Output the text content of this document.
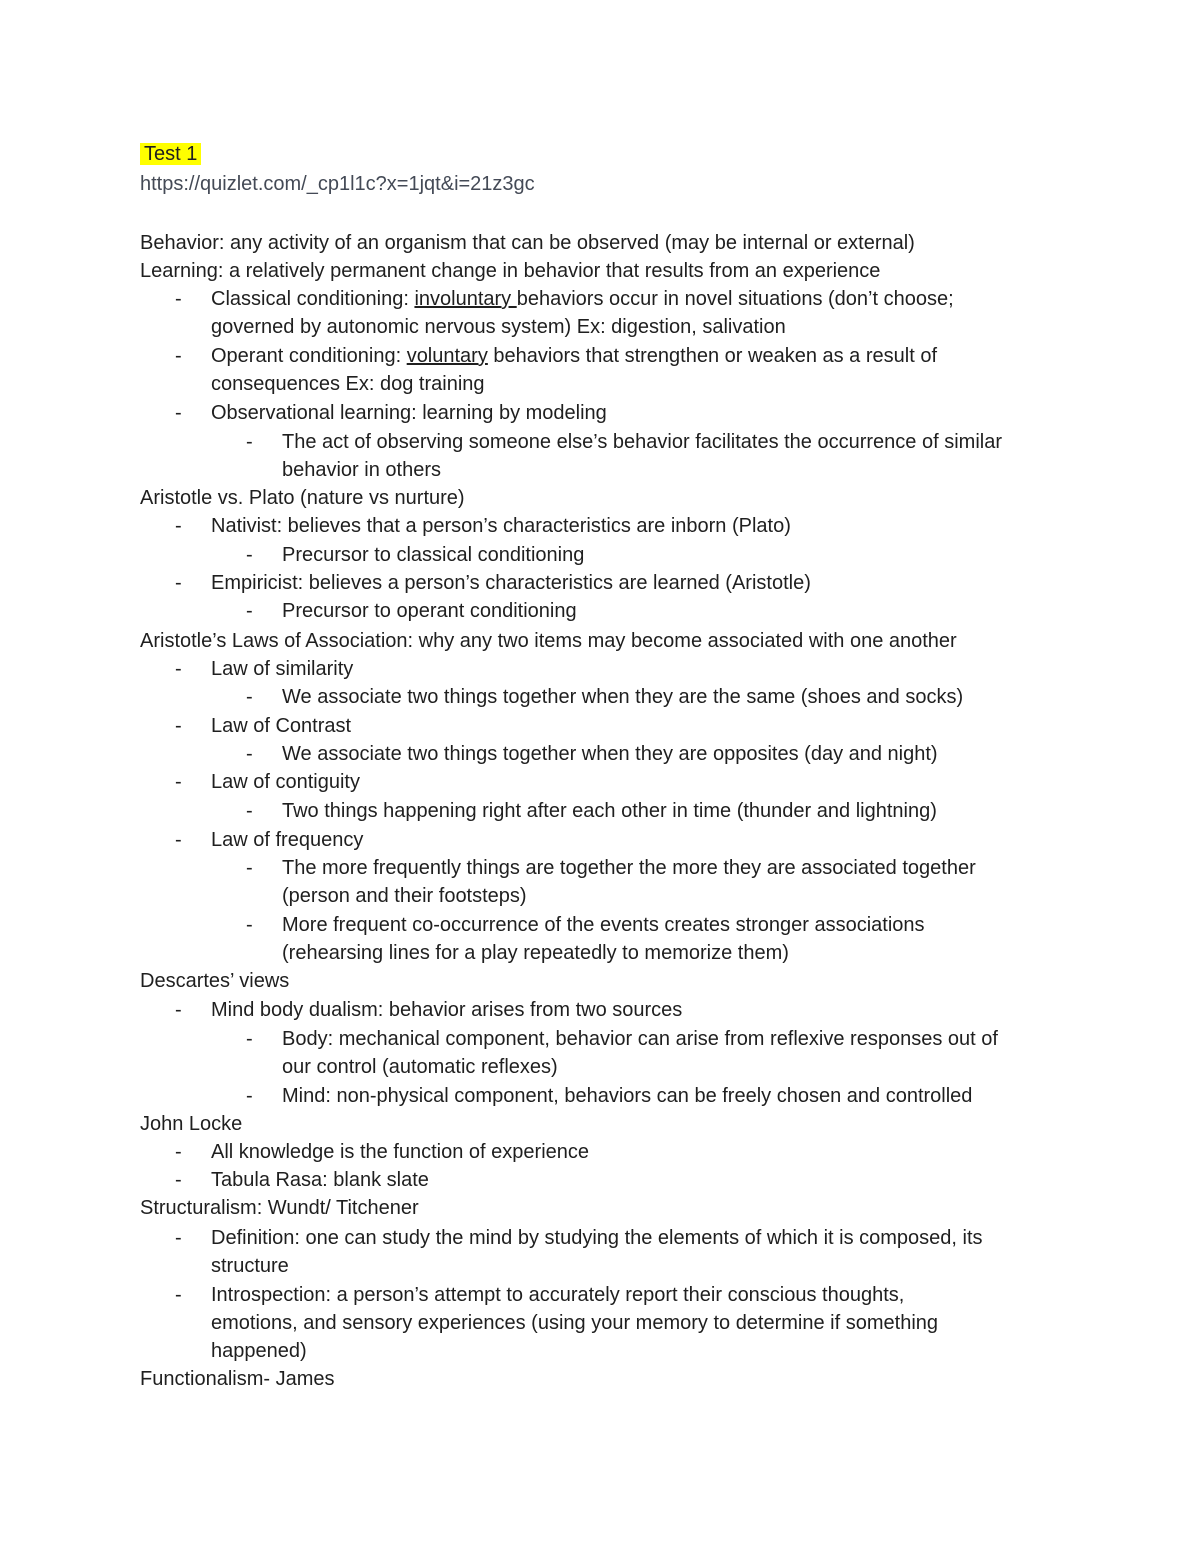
Test 1
https://quizlet.com/_cp1l1c?x=1jqt&i=21z3gc
Behavior: any activity of an organism that can be observed (may be internal or external)
Learning: a relatively permanent change in behavior that results from an experience
- Classical conditioning: involuntary behaviors occur in novel situations (don’t choose;
governed by autonomic nervous system) Ex: digestion, salivation
- Operant conditioning: voluntary behaviors that strengthen or weaken as a result of
consequences Ex: dog training
- Observational learning: learning by modeling
- The act of observing someone else’s behavior facilitates the occurrence of similar
behavior in others
Aristotle vs. Plato (nature vs nurture)
- Nativist: believes that a person’s characteristics are inborn (Plato)
- Precursor to classical conditioning
- Empiricist: believes a person’s characteristics are learned (Aristotle)
- Precursor to operant conditioning
Aristotle’s Laws of Association: why any two items may become associated with one another
- Law of similarity
- We associate two things together when they are the same (shoes and socks)
- Law of Contrast
- We associate two things together when they are opposites (day and night)
- Law of contiguity
- Two things happening right after each other in time (thunder and lightning)
- Law of frequency
- The more frequently things are together the more they are associated together
(person and their footsteps)
- More frequent co-occurrence of the events creates stronger associations
(rehearsing lines for a play repeatedly to memorize them)
Descartes’ views
- Mind body dualism: behavior arises from two sources
- Body: mechanical component, behavior can arise from reflexive responses out of
our control (automatic reflexes)
- Mind: non-physical component, behaviors can be freely chosen and controlled
John Locke
- All knowledge is the function of experience
- Tabula Rasa: blank slate
Structuralism: Wundt/ Titchener
- Definition: one can study the mind by studying the elements of which it is composed, its
structure
- Introspection: a person’s attempt to accurately report their conscious thoughts,
emotions, and sensory experiences (using your memory to determine if something
happened)
Functionalism- James
